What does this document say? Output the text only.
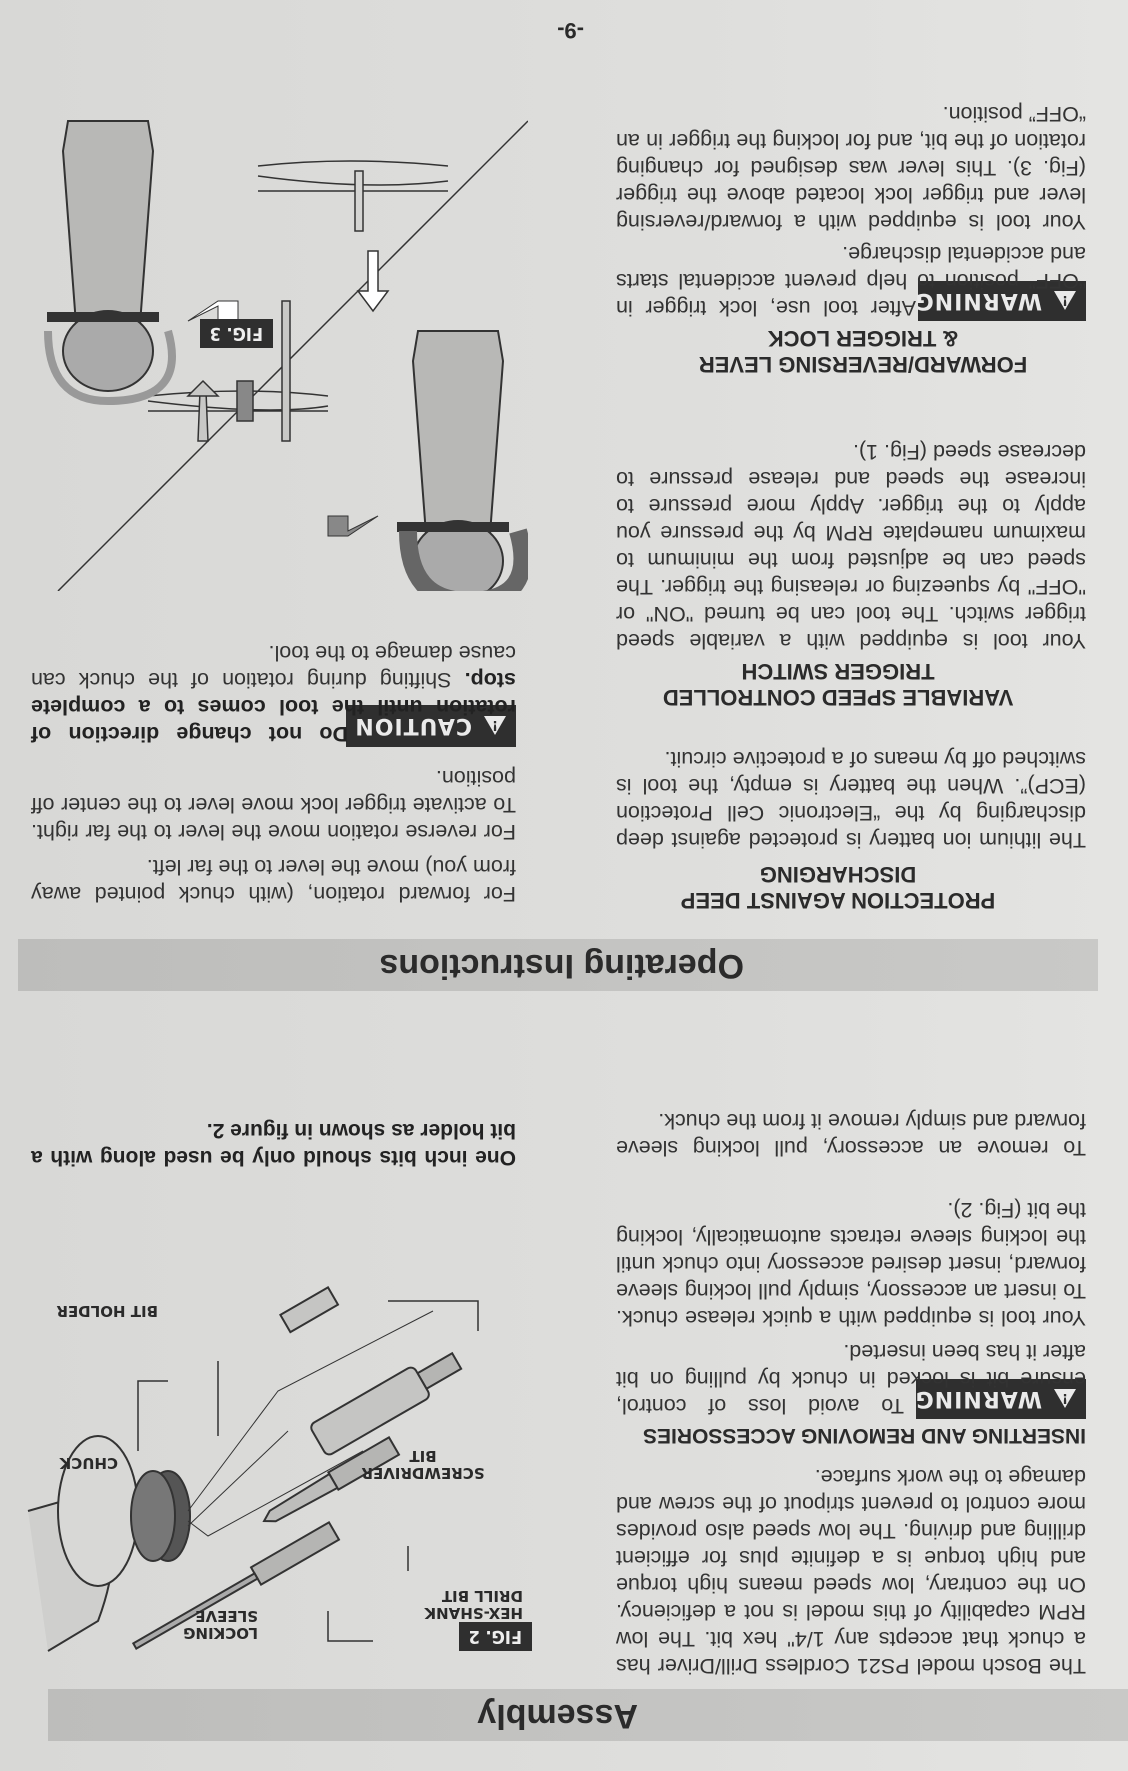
Assembly
The Bosch model PS21 Cordless Drill/Driver has a chuck that accepts any 1/4" hex bit. The low RPM capability of this model is not a deficiency. On the contrary, low speed means high torque and high torque is a definite plus for efficient drilling and driving. The low speed also provides more control to prevent stripout of the screw and damage to the work surface.
INSERTING AND REMOVING ACCESSORIES
!
WARNING
To avoid loss of control, ensure bit is locked in chuck by pulling on bit after it has been inserted.
Your tool is equipped with a quick release chuck. To insert an accessory, simply pull locking sleeve forward, insert desired accessory into chuck until the locking sleeve retracts automatically, locking the bit (Fig. 2).
To remove an accessory, pull locking sleeve forward and simply remove it from the chuck.
Operating Instructions
PROTECTION AGAINST DEEP DISCHARGING
The lithium ion battery is protected against deep discharging by the “Electronic Cell Protection (ECP)”. When the battery is empty, the tool is switched off by means of a protective circuit.
VARIABLE SPEED CONTROLLED TRIGGER SWITCH
Your tool is equipped with a variable speed trigger switch. The tool can be turned "ON" or "OFF" by squeezing or releasing the trigger. The speed can be adjusted from the minimum to maximum nameplate RPM by the pressure you apply to the trigger. Apply more pressure to increase the speed and release pressure to decrease speed (Fig. 1).
FORWARD/REVERSING LEVER & TRIGGER LOCK
!
WARNING
After tool use, lock trigger in “OFF” position to help prevent accidental starts and accidental discharge.
Your tool is equipped with a forward/reversing lever and trigger lock located above the trigger (Fig. 3). This lever was designed for changing rotation of the bit, and for locking the trigger in an “OFF” position.
FIG. 2
LOCKING SLEEVE	HEX-SHANK DRILL BIT
SCREWDRIVER BIT
CHUCK
BIT HOLDER
One inch bits should only be used along with a bit holder as shown in figure 2.
For forward rotation, (with chuck pointed away from you) move the lever to the far left.
For reverse rotation move the lever to the far right. To activate trigger lock move lever to the center off position.
!
CAUTION
Do not change direction of rotation until the tool comes to a complete stop. Shifting during rotation of the chuck can cause damage to the tool.
FIG. 3
-9-
